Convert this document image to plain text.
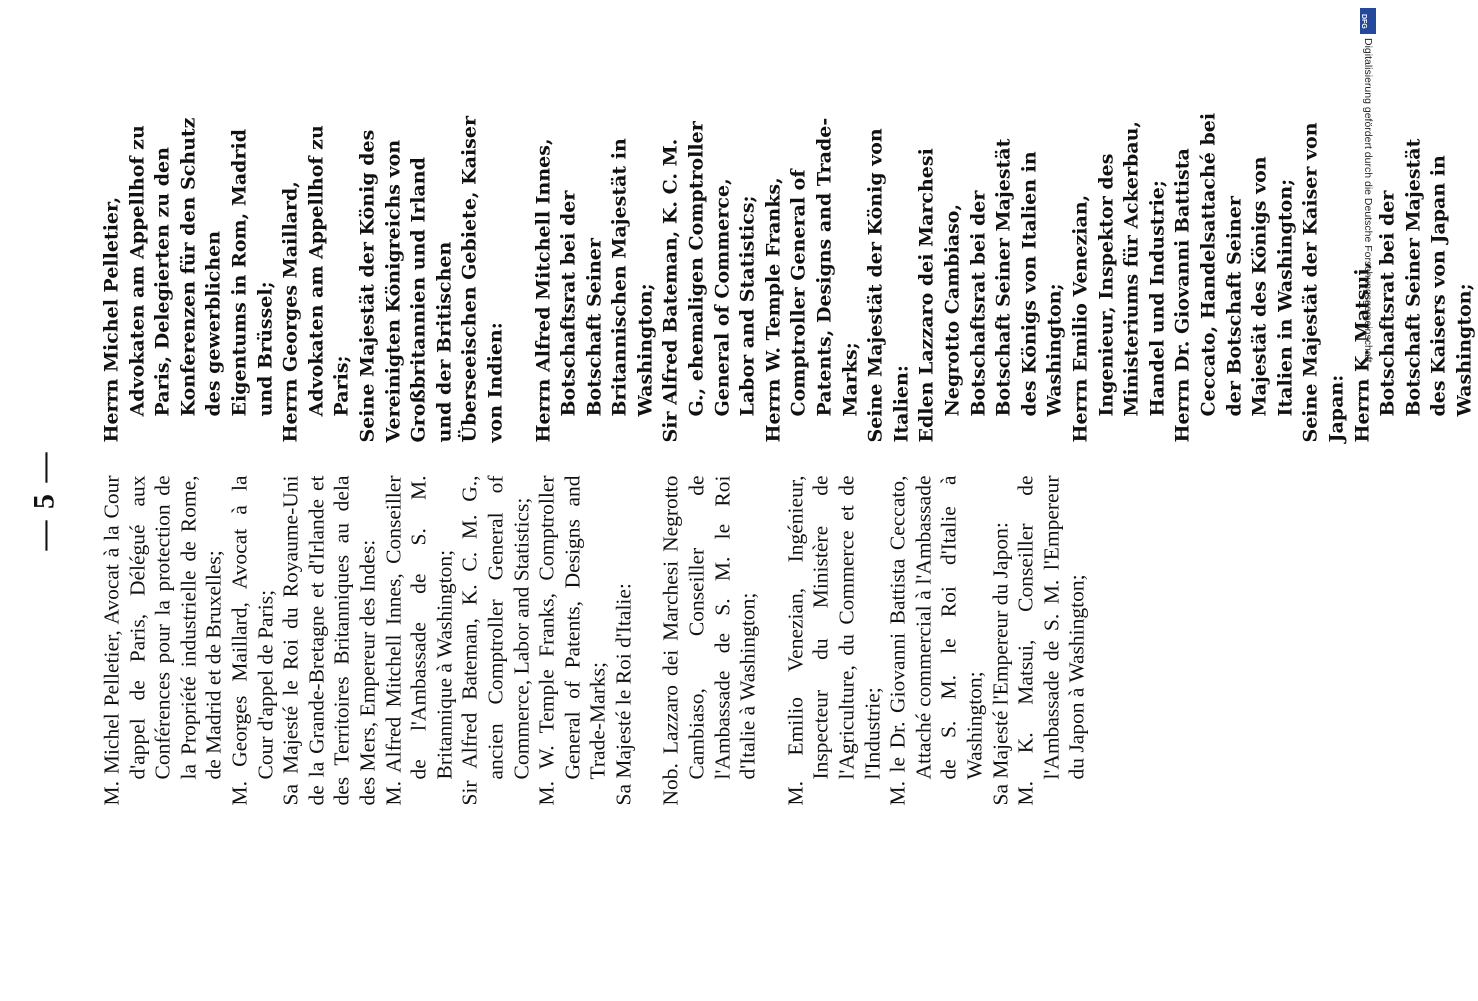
— 5 — M. Michel Pelletier, Avocat à la Cour d'appel de Paris, Délégué aux Conférences pour la protection de la Propriété industrielle de Rome, de Madrid et de Bruxelles; M. Georges Maillard, Avocat à la Cour d'appel de Paris; Sa Majesté le Roi du Royaume-Uni de la Grande-Bretagne et d'Irlande et des Territoires Britanniques au dela des Mers, Empereur des Indes: M. Alfred Mitchell Innes, Conseiller de l'Ambassade de S. M. Britannique à Washington; Sir Alfred Bateman, K. C. M. G., ancien Comptroller General of Commerce, Labor and Statistics; M. W. Temple Franks, Comptroller General of Patents, Designs and Trade-Marks; Sa Majesté le Roi d'Italie: Nob. Lazzaro dei Marchesi Negrotto Cambiaso, Conseiller de l'Ambassade de S. M. le Roi d'Italie à Washington; M. Emilio Venezian, Ingénieur, Inspecteur du Ministère de l'Agriculture, du Commerce et de l'Industrie; M. le Dr. Giovanni Battista Ceccato, Attaché commercial à l'Ambassade de S. M. le Roi d'Italie à Washington; Sa Majesté l'Empereur du Japon: M. K. Matsui, Conseiller de l'Ambassade de S. M. l'Empereur du Japon à Washington;

Herrn Michel Pelletier, Advokaten am Appellhof zu Paris, Delegierten zu den Konferenzen für den Schutz des gewerblichen Eigentums in Rom, Madrid und Brüssel; Herrn Georges Maillard, Advokaten am Appellhof zu Paris; Seine Majestät der König des Vereinigten Königreichs von Großbritannien und Irland und der Britischen Überseeischen Gebiete, Kaiser von Indien: Herrn Alfred Mitchell Innes, Botschaftsrat bei der Botschaft Seiner Britannischen Majestät in Washington; Sir Alfred Bateman, K. C. M. G., ehemaligen Comptroller General of Commerce, Labor and Statistics; Herrn W. Temple Franks, Comptroller General of Patents, Designs and Trade-Marks; Seine Majestät der König von Italien: Edlen Lazzaro dei Marchesi Negrotto Cambiaso, Botschaftsrat bei der Botschaft Seiner Majestät des Königs von Italien in Washington; Herrn Emilio Venezian, Ingenieur, Inspektor des Ministeriums für Ackerbau, Handel und Industrie; Herrn Dr. Giovanni Battista Ceccato, Handelsattaché bei der Botschaft Seiner Majestät des Königs von Italien in Washington; Seine Majestät der Kaiser von Japan: Herrn K. Matsui, Botschaftsrat bei der Botschaft Seiner Majestät des Kaisers von Japan in Washington;

DFG
Digitalisierung gefördert durch die Deutsche Forschungsgemeinschaft -
